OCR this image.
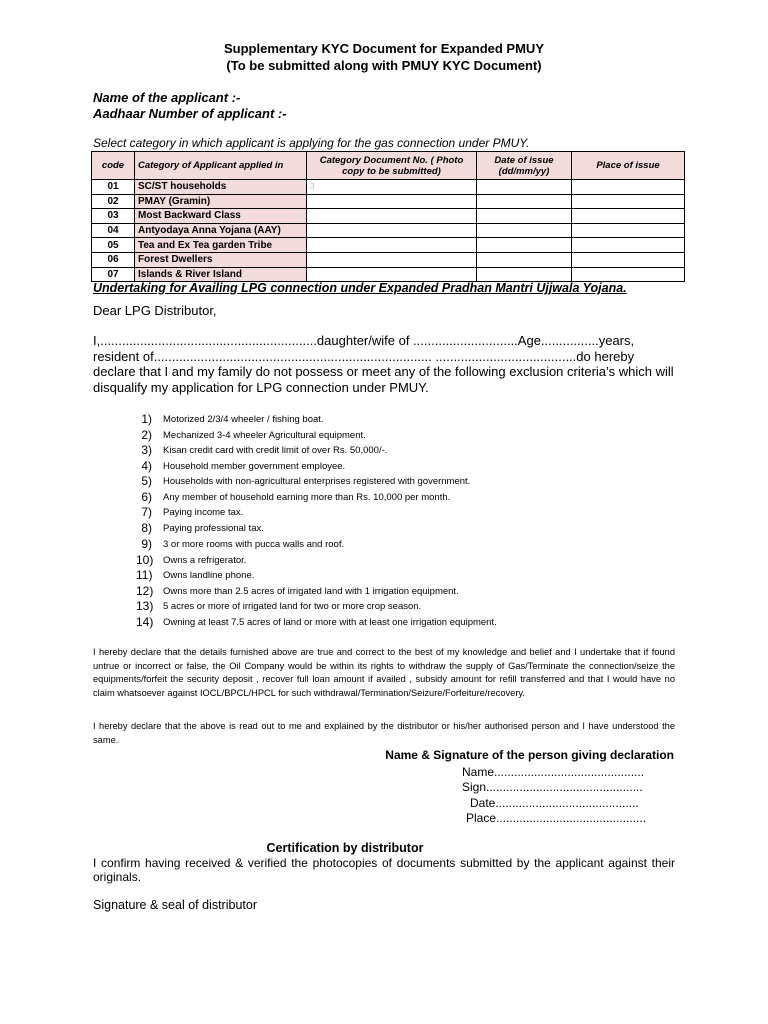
Supplementary KYC Document for Expanded PMUY
(To be submitted along with PMUY KYC Document)
Name of the applicant :-
Aadhaar Number of applicant :-
Select category in which applicant is applying for the gas connection under PMUY.
code	Category of Applicant applied in	Category Document No. ( Photo copy to be submitted)	Date of issue (dd/mm/yy)	Place of issue
01	SC/ST households	3		
02	PMAY (Gramin)			
03	Most Backward Class			
04	Antyodaya Anna Yojana (AAY)			
05	Tea and Ex Tea garden Tribe			
06	Forest Dwellers			
07	Islands & River Island			
Undertaking for Availing LPG connection under Expanded Pradhan Mantri Ujjwala Yojana.
Dear LPG Distributor,
I,............................................................daughter/wife of .............................Age................years,
resident of............................................................................. .......................................do hereby
declare that I and my family do not possess or meet any of the following exclusion criteria’s which will
disqualify my application for LPG connection under PMUY.
1) Motorized 2/3/4 wheeler / fishing boat.
2) Mechanized 3-4 wheeler Agricultural equipment.
3) Kisan credit card with credit limit of over Rs. 50,000/-.
4) Household member government employee.
5) Households with non-agricultural enterprises registered with government.
6) Any member of household earning more than Rs. 10,000 per month.
7) Paying income tax.
8) Paying professional tax.
9) 3 or more rooms with pucca walls and roof.
10) Owns a refrigerator.
11) Owns landline phone.
12) Owns more than 2.5 acres of irrigated land with 1 irrigation equipment.
13) 5 acres or more of irrigated land for two or more crop season.
14) Owning at least 7.5 acres of land or more with at least one irrigation equipment.
I hereby declare that the details furnished above are true and correct to the best of my knowledge and belief and I undertake that if found untrue or incorrect or false, the Oil Company would be within its rights to withdraw the supply of Gas/Terminate the connection/seize the equipments/forfeit the security deposit , recover full loan amount if availed , subsidy amount for refill transferred and that I would have no claim whatsoever against IOCL/BPCL/HPCL for such withdrawal/Termination/Seizure/Forfeiture/recovery.
I hereby declare that the above is read out to me and explained by the distributor or his/her authorised person and I have understood the same.
Name & Signature of the person giving declaration
Name.............................................
Sign...............................................
Date...........................................
Place.............................................
Certification by distributor
I confirm having received & verified the photocopies of documents submitted by the applicant against their originals.
Signature & seal of distributor
